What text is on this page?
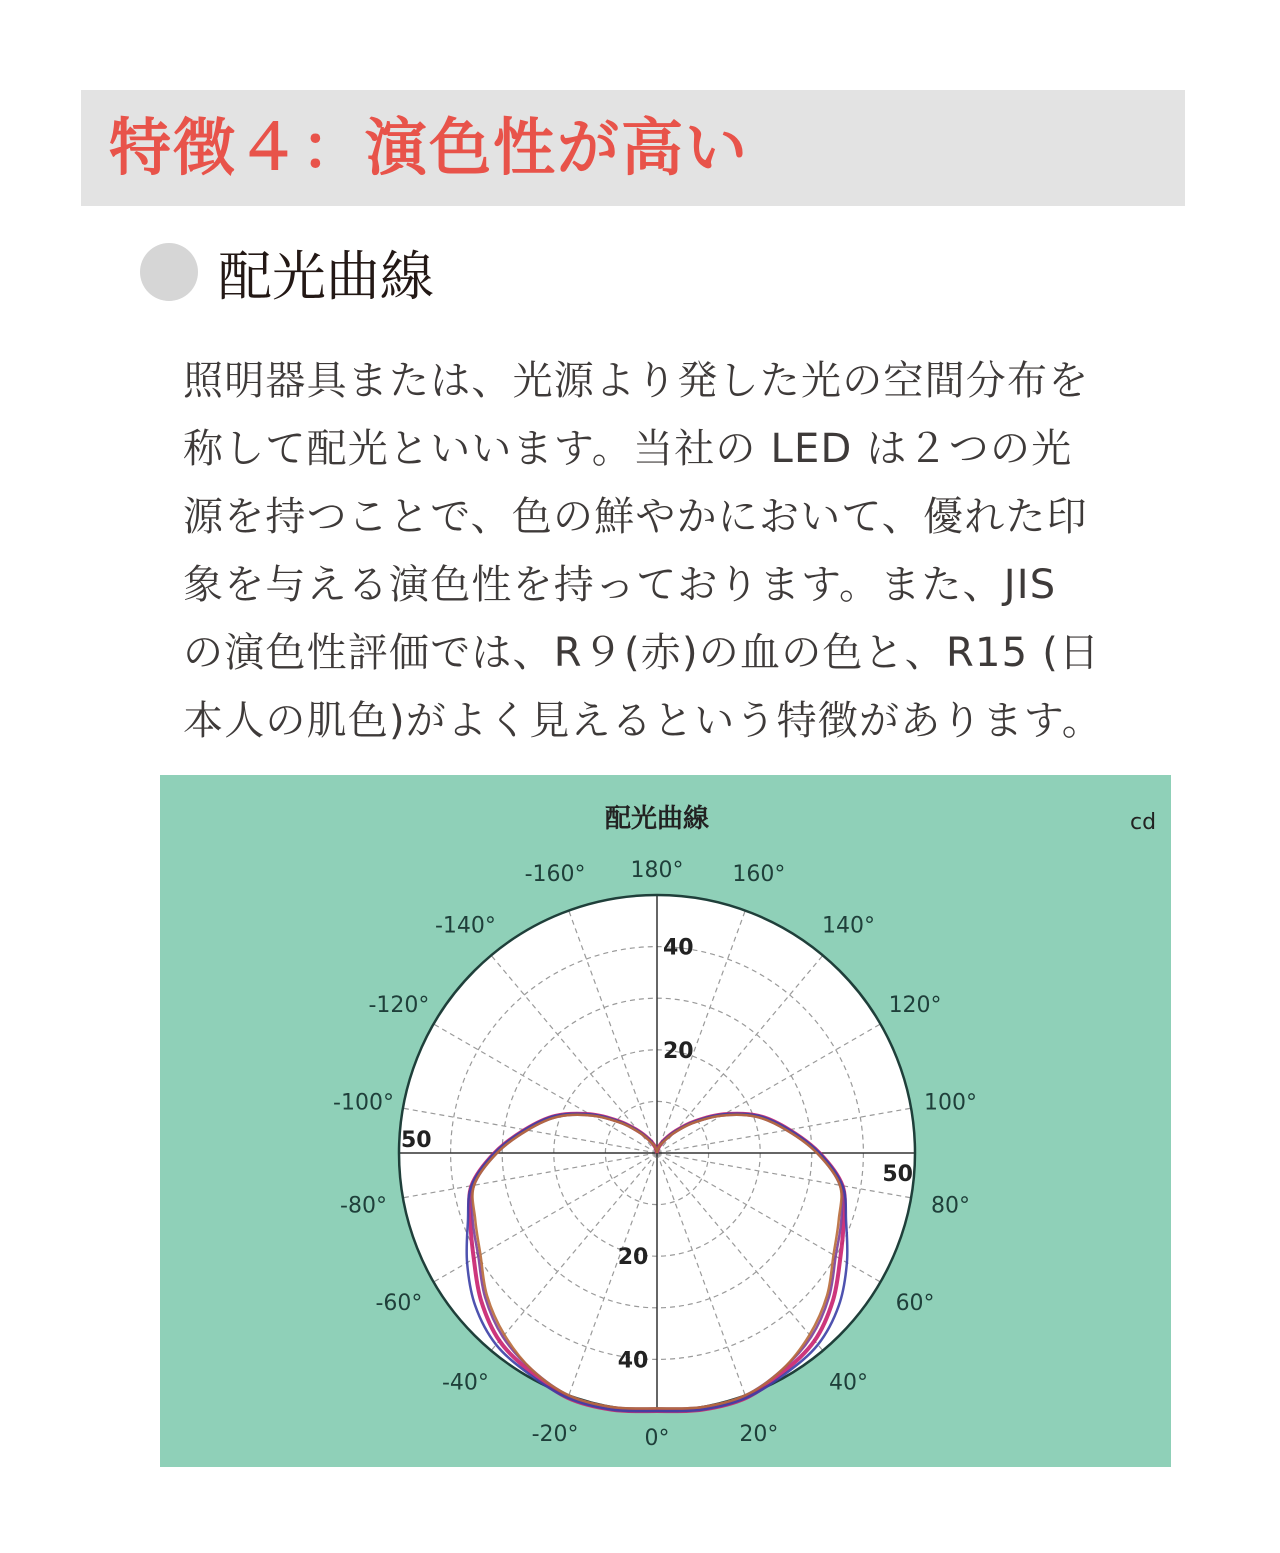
特徴４：演色性が高い
配光曲線
照明器具または、光源より発した光の空間分布を
称して配光といいます。当社の LED は２つの光
源を持つことで、色の鮮やかにおいて、優れた印
象を与える演色性を持っております。また、JIS
の演色性評価では、R９(赤)の血の色と、R15 (日
本人の肌色)がよく見えるという特徴があります。
配光曲線	cd
180° 160°
140°
120°
100°
80°
60°
40°
20°
0°
-20°
-40°
-60°
-80°
-100°
-120°
-140°
-160°
40
20
20
40
50
50
